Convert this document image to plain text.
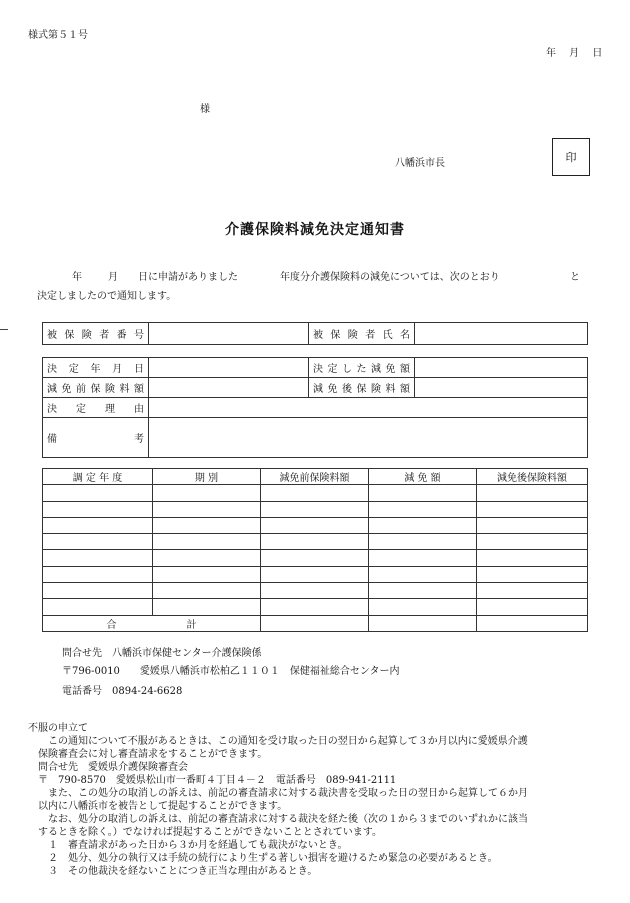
様式第５１号
年 月 日
様
八幡浜市長	印
介護保険料減免決定通知書
年	月 日に申請がありました	年度分介護保険料の減免については、次のとおり	と
決定しましたので通知します。
被保険者番号		被保険者氏名	
決定年月日		決定した減免額	
減免前保険料額		減免後保険料額	
決定理由			
備考			
調 定 年 度	期 別	減免前保険料額	減 免 額	減免後保険料額

合 計				
問合せ先　八幡浜市保健センター介護保険係
〒796-0010　　愛媛県八幡浜市松柏乙１１０１　保健福祉総合センター内
電話番号　0894-24-6628
不服の申立て
　　この通知について不服があるときは、この通知を受け取った日の翌日から起算して３か月以内に愛媛県介護
　保険審査会に対し審査請求をすることができます。
　問合せ先　愛媛県介護保険審査会
　〒　790-8570　愛媛県松山市一番町４丁目４－２　電話番号　089-941-2111
　　また、この処分の取消しの訴えは、前記の審査請求に対する裁決書を受取った日の翌日から起算して６か月
　以内に八幡浜市を被告として提起することができます。
　　なお、処分の取消しの訴えは、前記の審査請求に対する裁決を経た後（次の１から３までのいずれかに該当
　するときを除く。）でなければ提起することができないこととされています。
　　１　審査請求があった日から３か月を経過しても裁決がないとき。
　　２　処分、処分の執行又は手続の続行により生ずる著しい損害を避けるため緊急の必要があるとき。
　　３　その他裁決を経ないことにつき正当な理由があるとき。
